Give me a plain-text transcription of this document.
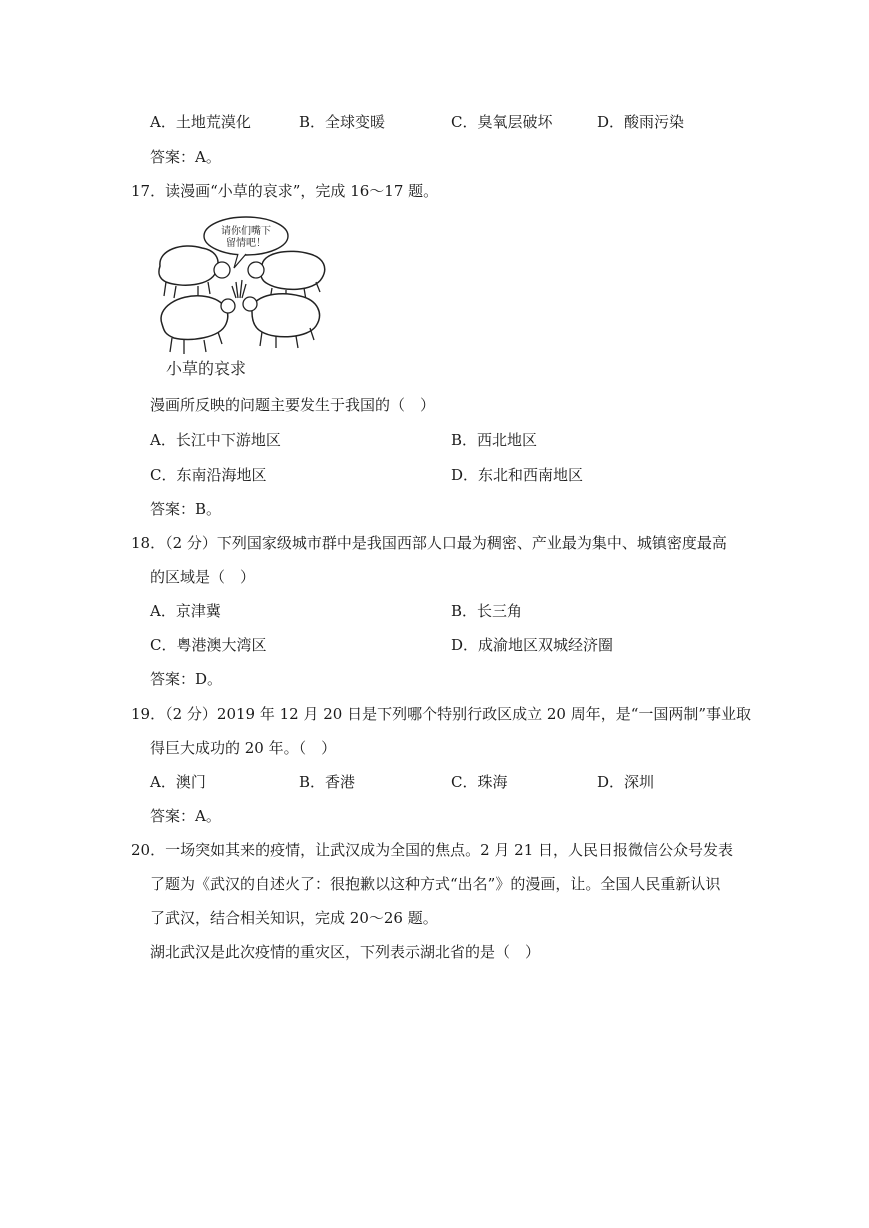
A．土地荒漠化	B．全球变暖	C．臭氧层破坏	D．酸雨污染
答案：A。
17．读漫画“小草的哀求”，完成 16～17 题。
请你们嘴下
留情吧！
小草的哀求
漫画所反映的问题主要发生于我国的（　）
A．长江中下游地区	B．西北地区
C．东南沿海地区	D．东北和西南地区
答案：B。
18．（2 分）下列国家级城市群中是我国西部人口最为稠密、产业最为集中、城镇密度最高
的区域是（　）
A．京津冀	B．长三角
C．粤港澳大湾区	D．成渝地区双城经济圈
答案：D。
19．（2 分）2019 年 12 月 20 日是下列哪个特别行政区成立 20 周年，是“一国两制”事业取
得巨大成功的 20 年。（　）
A．澳门	B．香港	C．珠海	D．深圳
答案：A。
20．一场突如其来的疫情，让武汉成为全国的焦点。2 月 21 日，人民日报微信公众号发表
了题为《武汉的自述火了：很抱歉以这种方式“出名”》的漫画，让。全国人民重新认识
了武汉，结合相关知识，完成 20～26 题。
湖北武汉是此次疫情的重灾区，下列表示湖北省的是（　）
